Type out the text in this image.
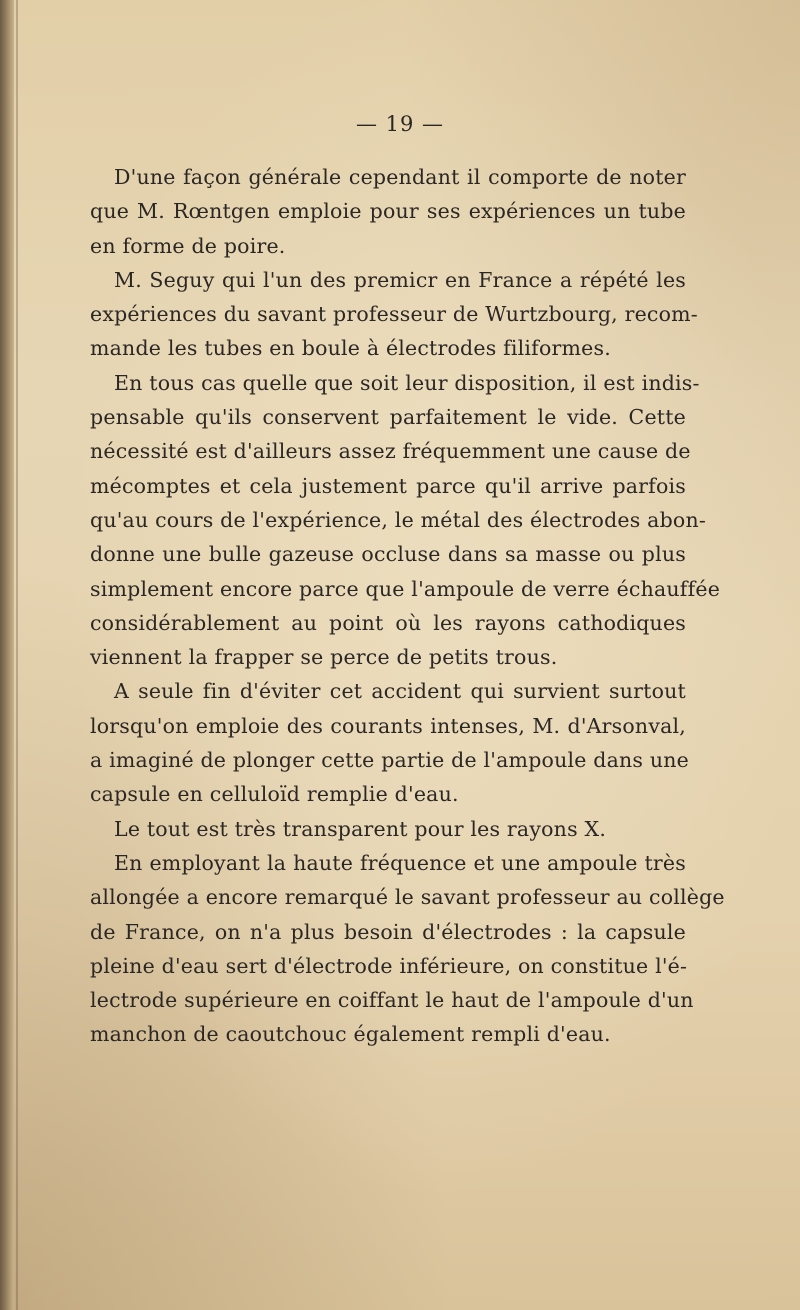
— 19 —
D'une façon générale cependant il comporte de noter
que M. Rœntgen emploie pour ses expériences un tube
en forme de poire.
M. Seguy qui l'un des premicr en France a répété les
expériences du savant professeur de Wurtzbourg, recom-
mande les tubes en boule à électrodes filiformes.
En tous cas quelle que soit leur disposition, il est indis-
pensable qu'ils conservent parfaitement le vide. Cette
nécessité est d'ailleurs assez fréquemment une cause de
mécomptes et cela justement parce qu'il arrive parfois
qu'au cours de l'expérience, le métal des électrodes abon-
donne une bulle gazeuse occluse dans sa masse ou plus
simplement encore parce que l'ampoule de verre échauffée
considérablement au point où les rayons cathodiques
viennent la frapper se perce de petits trous.
A seule fin d'éviter cet accident qui survient surtout
lorsqu'on emploie des courants intenses, M. d'Arsonval,
a imaginé de plonger cette partie de l'ampoule dans une
capsule en celluloïd remplie d'eau.
Le tout est très transparent pour les rayons X.
En employant la haute fréquence et une ampoule très
allongée a encore remarqué le savant professeur au collège
de France, on n'a plus besoin d'électrodes : la capsule
pleine d'eau sert d'électrode inférieure, on constitue l'é-
lectrode supérieure en coiffant le haut de l'ampoule d'un
manchon de caoutchouc également rempli d'eau.
